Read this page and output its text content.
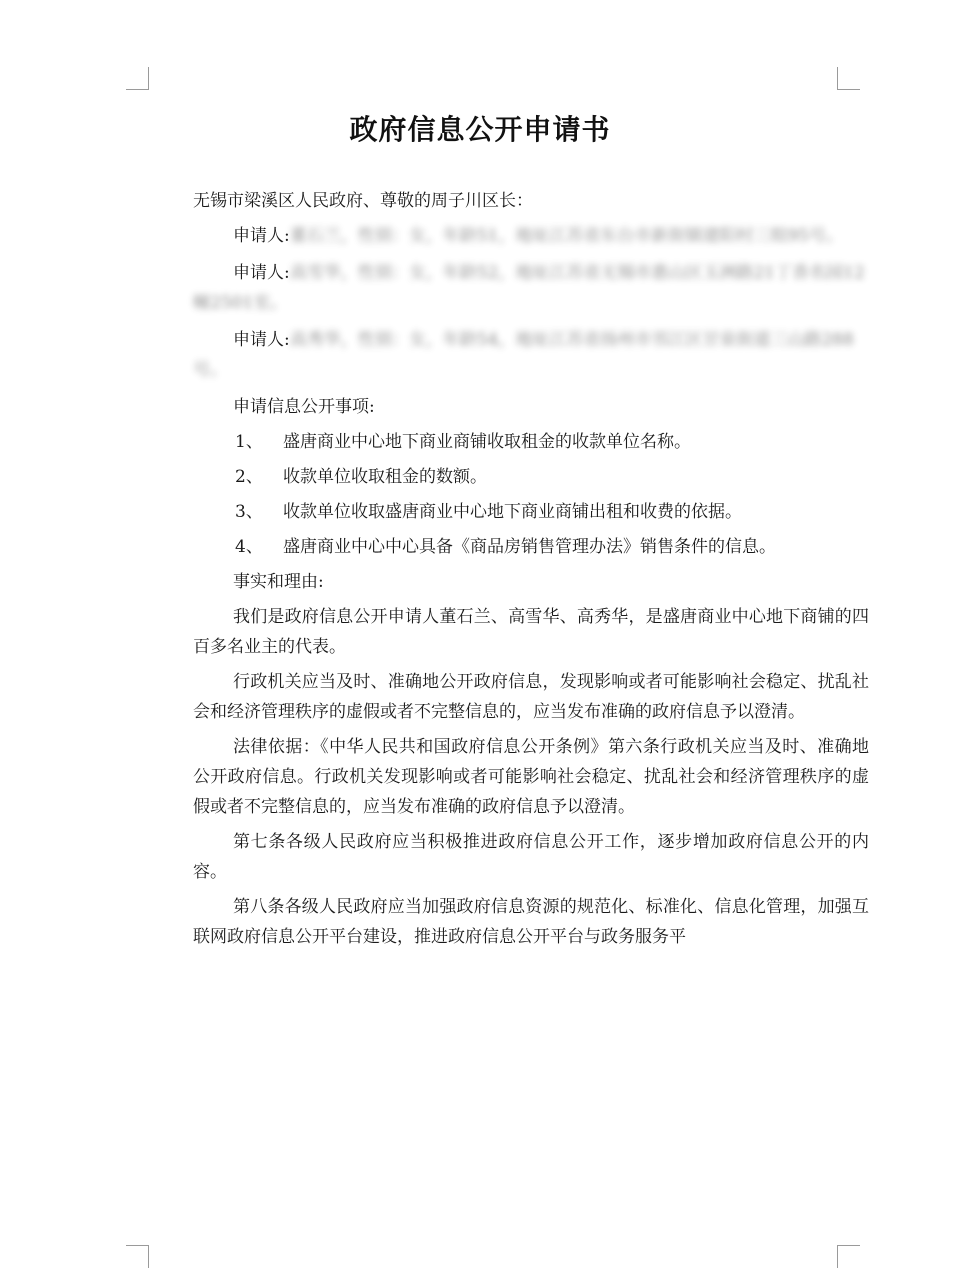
政府信息公开申请书

无锡市梁溪区人民政府、尊敬的周子川区长：

申请人:董石兰，性别：女，年龄51，地址江苏省东台市新街镇建阳村三组95号。

申请人:高雪华，性别：女，年龄52，地址江苏省无锡市惠山区玉洲路21丁香名园12幢2501室。

申请人:高秀华，性别：女，年龄54，地址江苏省扬州市邗江区甘泉街道三山路288号。

申请信息公开事项:

1、 盛唐商业中心地下商业商铺收取租金的收款单位名称。

2、 收款单位收取租金的数额。

3、 收款单位收取盛唐商业中心地下商业商铺出租和收费的依据。

4、 盛唐商业中心中心具备《商品房销售管理办法》销售条件的信息。

事实和理由:

我们是政府信息公开申请人董石兰、高雪华、高秀华，是盛唐商业中心地下商铺的四百多名业主的代表。

行政机关应当及时、准确地公开政府信息，发现影响或者可能影响社会稳定、扰乱社会和经济管理秩序的虚假或者不完整信息的，应当发布准确的政府信息予以澄清。

法律依据：《中华人民共和国政府信息公开条例》第六条行政机关应当及时、准确地公开政府信息。行政机关发现影响或者可能影响社会稳定、扰乱社会和经济管理秩序的虚假或者不完整信息的，应当发布准确的政府信息予以澄清。

第七条各级人民政府应当积极推进政府信息公开工作，逐步增加政府信息公开的内容。

第八条各级人民政府应当加强政府信息资源的规范化、标准化、信息化管理，加强互联网政府信息公开平台建设，推进政府信息公开平台与政务服务平
